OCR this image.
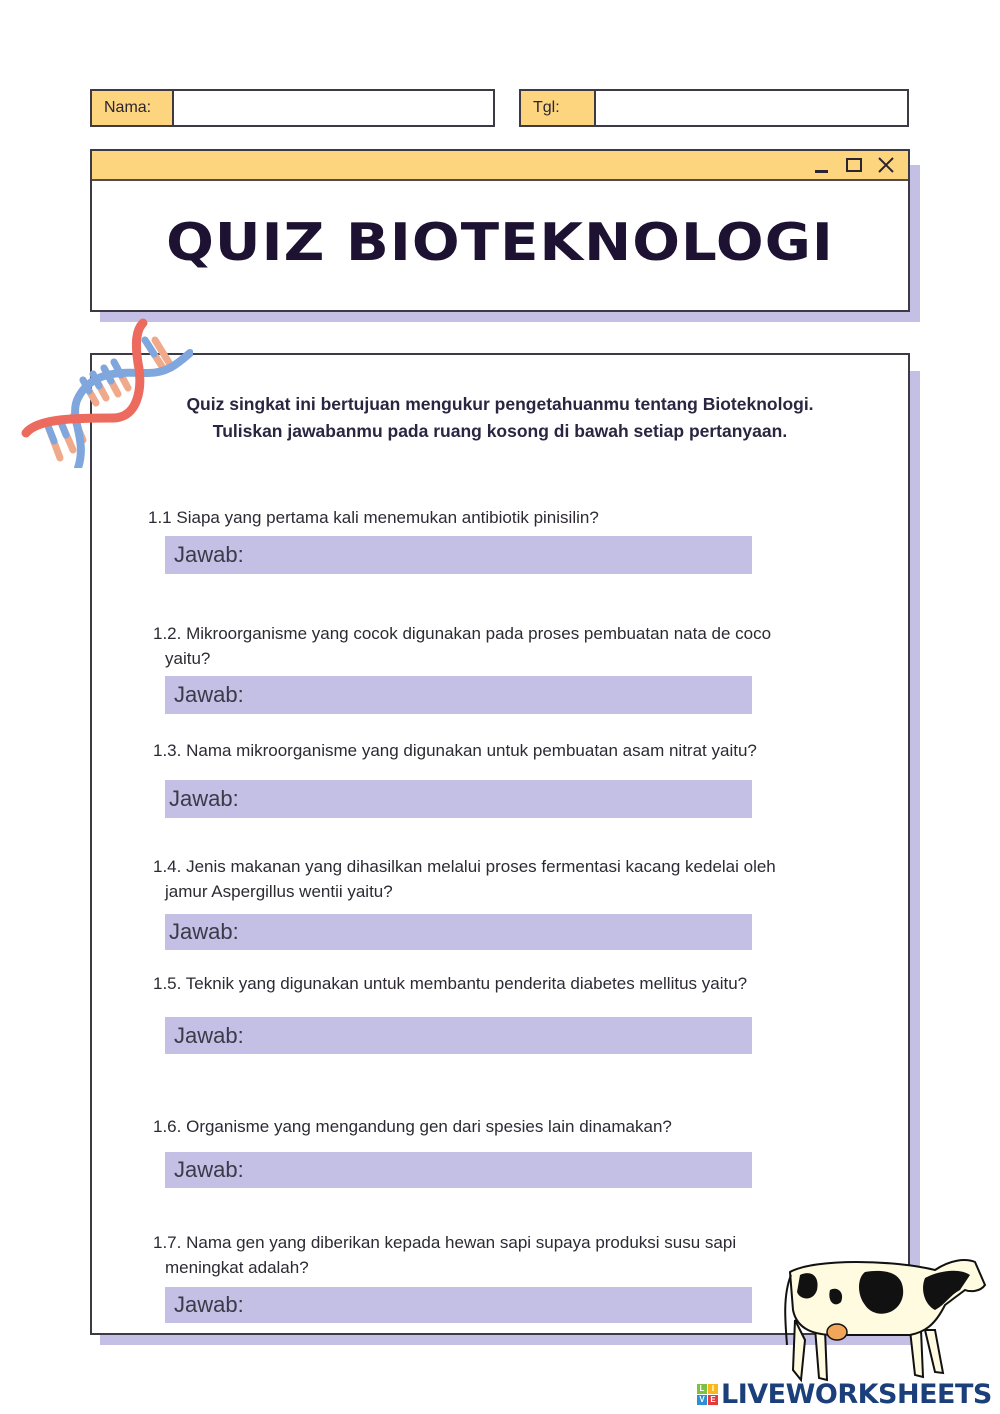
Nama:	Tgl:
QUIZ BIOTEKNOLOGI
Quiz singkat ini bertujuan mengukur pengetahuanmu tentang Bioteknologi.
Tuliskan jawabanmu pada ruang kosong di bawah setiap pertanyaan.
1.1 Siapa yang pertama kali menemukan antibiotik pinisilin?
Jawab:
1.2. Mikroorganisme yang cocok digunakan pada proses pembuatan nata de coco
yaitu?
Jawab:
1.3. Nama mikroorganisme yang digunakan untuk pembuatan asam nitrat yaitu?
Jawab:
1.4. Jenis makanan yang dihasilkan melalui proses fermentasi kacang kedelai oleh
jamur Aspergillus wentii yaitu?
Jawab:
1.5. Teknik yang digunakan untuk membantu penderita diabetes mellitus yaitu?
Jawab:
1.6. Organisme yang mengandung gen dari spesies lain dinamakan?
Jawab:
1.7. Nama gen yang diberikan kepada hewan sapi supaya produksi susu sapi
meningkat adalah?
Jawab:
L I
V E LIVEWORKSHEETS
